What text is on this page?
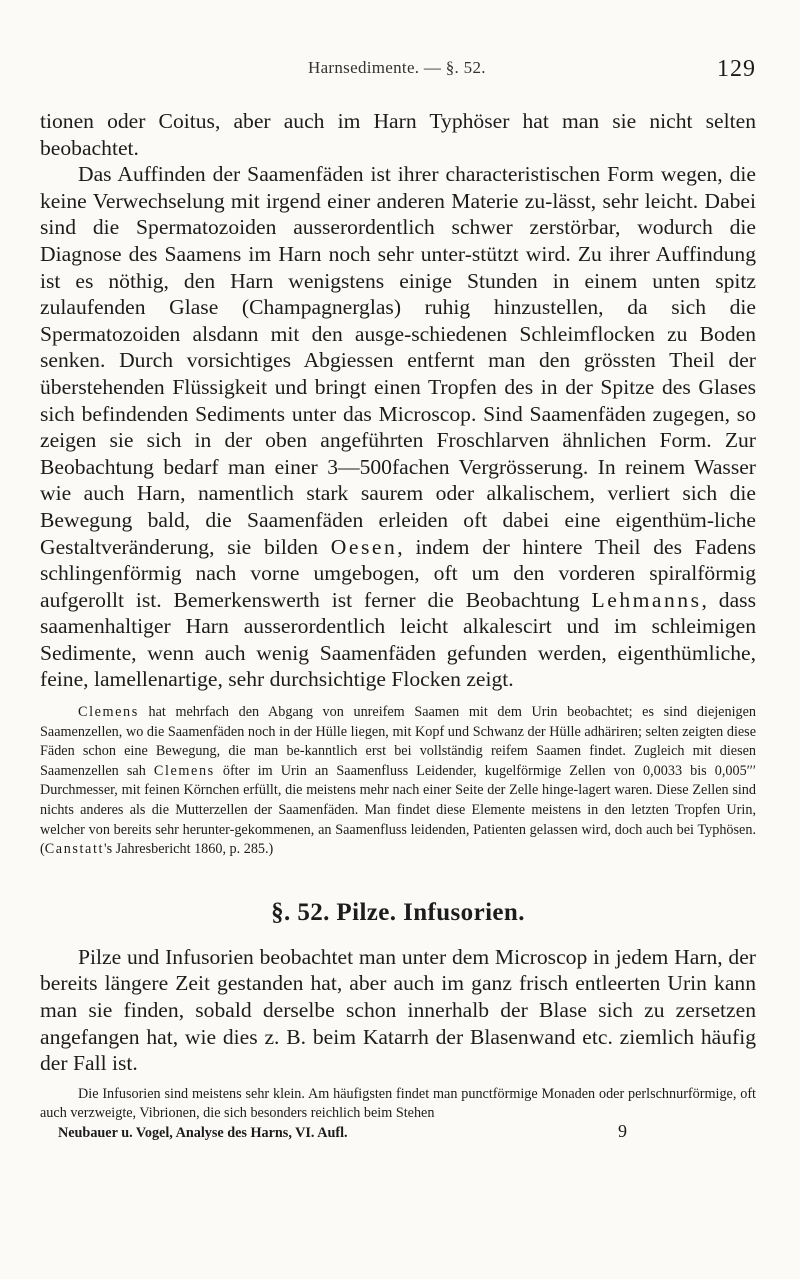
Harnsedimente. — §. 52.	129

tionen oder Coitus, aber auch im Harn Typhöser hat man sie nicht selten beobachtet.

Das Auffinden der Saamenfäden ist ihrer characteristischen Form wegen, die keine Verwechselung mit irgend einer anderen Materie zu-lässt, sehr leicht. Dabei sind die Spermatozoiden ausserordentlich schwer zerstörbar, wodurch die Diagnose des Saamens im Harn noch sehr unter-stützt wird. Zu ihrer Auffindung ist es nöthig, den Harn wenigstens einige Stunden in einem unten spitz zulaufenden Glase (Champagnerglas) ruhig hinzustellen, da sich die Spermatozoiden alsdann mit den ausge-schiedenen Schleimflocken zu Boden senken. Durch vorsichtiges Abgiessen entfernt man den grössten Theil der überstehenden Flüssigkeit und bringt einen Tropfen des in der Spitze des Glases sich befindenden Sediments unter das Microscop. Sind Saamenfäden zugegen, so zeigen sie sich in der oben angeführten Froschlarven ähnlichen Form. Zur Beobachtung bedarf man einer 3—500fachen Vergrösserung. In reinem Wasser wie auch Harn, namentlich stark saurem oder alkalischem, verliert sich die Bewegung bald, die Saamenfäden erleiden oft dabei eine eigenthüm-liche Gestaltveränderung, sie bilden Oesen, indem der hintere Theil des Fadens schlingenförmig nach vorne umgebogen, oft um den vorderen spiralförmig aufgerollt ist. Bemerkenswerth ist ferner die Beobachtung Lehmanns, dass saamenhaltiger Harn ausserordentlich leicht alkalescirt und im schleimigen Sedimente, wenn auch wenig Saamenfäden gefunden werden, eigenthümliche, feine, lamellenartige, sehr durchsichtige Flocken zeigt.

Clemens hat mehrfach den Abgang von unreifem Saamen mit dem Urin beobachtet; es sind diejenigen Saamenzellen, wo die Saamenfäden noch in der Hülle liegen, mit Kopf und Schwanz der Hülle adhäriren; selten zeigten diese Fäden schon eine Bewegung, die man be-kanntlich erst bei vollständig reifem Saamen findet. Zugleich mit diesen Saamenzellen sah Clemens öfter im Urin an Saamenfluss Leidender, kugelförmige Zellen von 0,0033 bis 0,005′′′ Durchmesser, mit feinen Körnchen erfüllt, die meistens mehr nach einer Seite der Zelle hinge-lagert waren. Diese Zellen sind nichts anderes als die Mutterzellen der Saamenfäden. Man findet diese Elemente meistens in den letzten Tropfen Urin, welcher von bereits sehr herunter-gekommenen, an Saamenfluss leidenden, Patienten gelassen wird, doch auch bei Typhösen. (Canstatt's Jahresbericht 1860, p. 285.)

§. 52. Pilze. Infusorien.

Pilze und Infusorien beobachtet man unter dem Microscop in jedem Harn, der bereits längere Zeit gestanden hat, aber auch im ganz frisch entleerten Urin kann man sie finden, sobald derselbe schon innerhalb der Blase sich zu zersetzen angefangen hat, wie dies z. B. beim Katarrh der Blasenwand etc. ziemlich häufig der Fall ist.

Die Infusorien sind meistens sehr klein. Am häufigsten findet man punctförmige Monaden oder perlschnurförmige, oft auch verzweigte, Vibrionen, die sich besonders reichlich beim Stehen

Neubauer u. Vogel, Analyse des Harns, VI. Aufl.	9
